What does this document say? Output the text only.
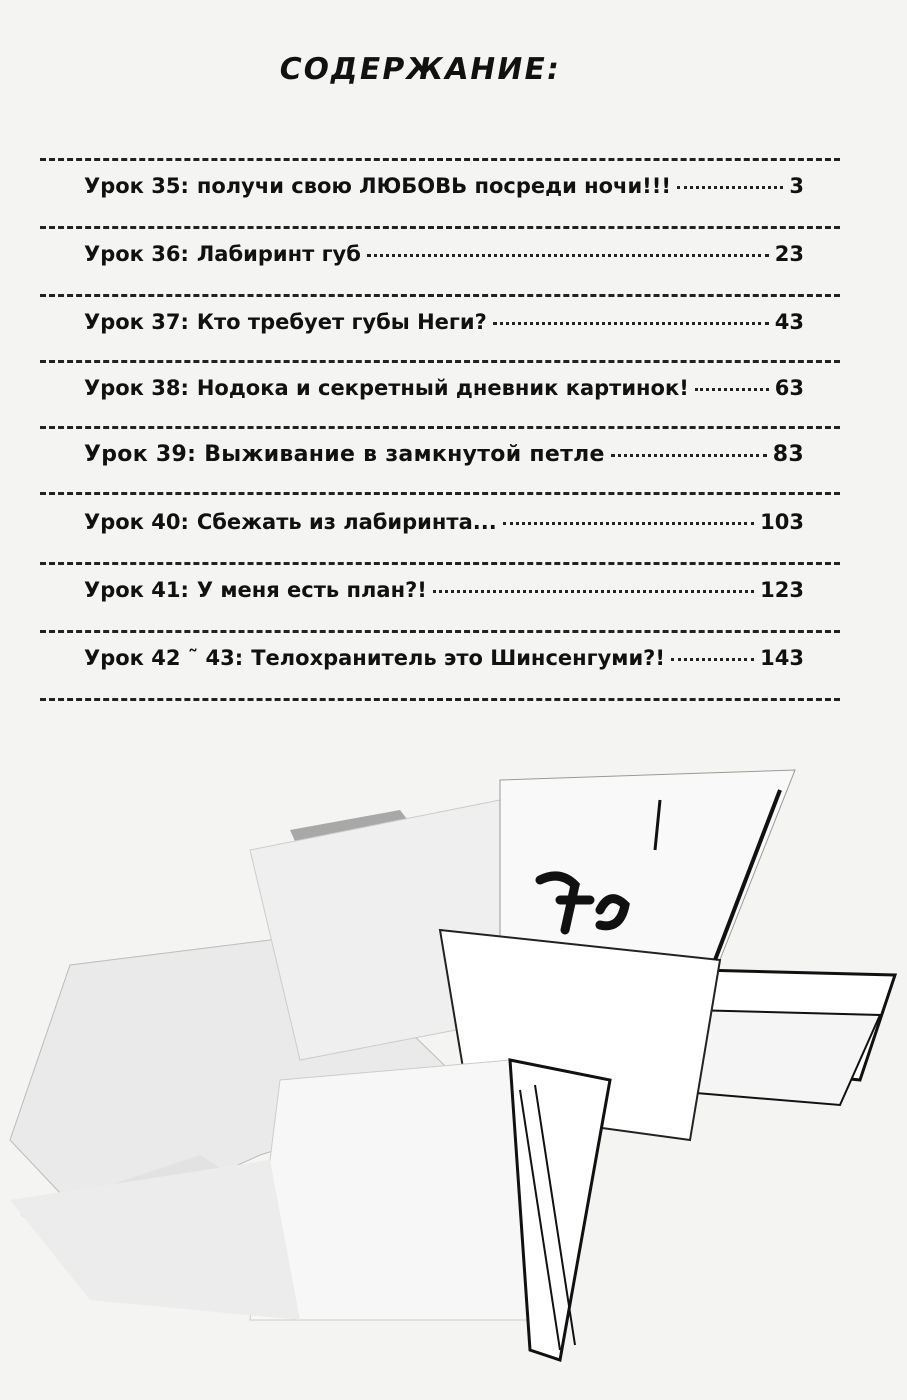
СОДЕРЖАНИЕ:
Урок 35: получи свою ЛЮБОВЬ посреди ночи!!!	3
Урок 36: Лабиринт губ	23
Урок 37: Кто требует губы Неги?	43
Урок 38: Нодока и секретный дневник картинок!	63
Урок 39: Выживание в замкнутой петле	83
Урок 40: Сбежать из лабиринта...	103
Урок 41: У меня есть план?!	123
Урок 42 ˜ 43: Телохранитель это Шинсенгуми?!	143
